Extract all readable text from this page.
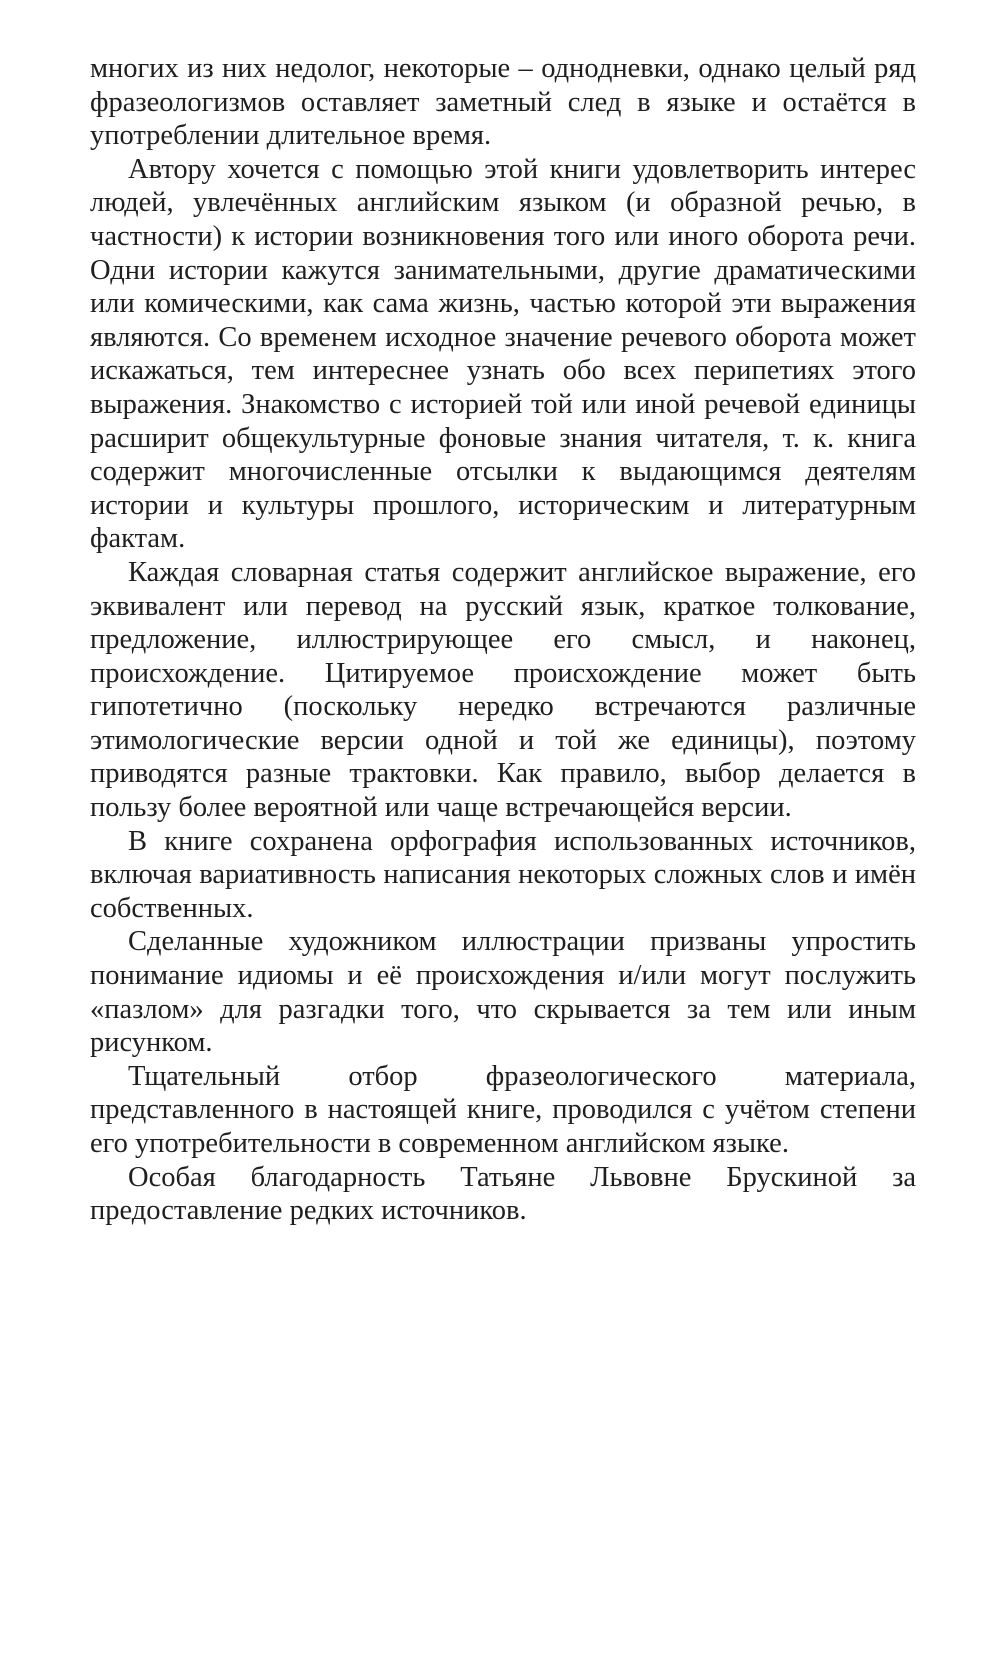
многих из них недолог, некоторые – однодневки, однако целый ряд фразеологизмов оставляет заметный след в языке и остаётся в употреблении длительное время.

Автору хочется с помощью этой книги удовлетворить интерес людей, увлечённых английским языком (и образной речью, в частности) к истории возникновения того или иного оборота речи. Одни истории кажутся занимательными, другие драматическими или комическими, как сама жизнь, частью которой эти выражения являются. Со временем исходное значение речевого оборота может искажаться, тем интереснее узнать обо всех перипетиях этого выражения. Знакомство с историей той или иной речевой единицы расширит общекультурные фоновые знания читателя, т. к. книга содержит многочисленные отсылки к выдающимся деятелям истории и культуры прошлого, историческим и литературным фактам.

Каждая словарная статья содержит английское выражение, его эквивалент или перевод на русский язык, краткое толкование, предложение, иллюстрирующее его смысл, и наконец, происхождение. Цитируемое происхождение может быть гипотетично (поскольку нередко встречаются различные этимологические версии одной и той же единицы), поэтому приводятся разные трактовки. Как правило, выбор делается в пользу более вероятной или чаще встречающейся версии.

В книге сохранена орфография использованных источников, включая вариативность написания некоторых сложных слов и имён собственных.

Сделанные художником иллюстрации призваны упростить понимание идиомы и её происхождения и/или могут послужить «пазлом» для разгадки того, что скрывается за тем или иным рисунком.

Тщательный отбор фразеологического материала, представленного в настоящей книге, проводился с учётом степени его употребительности в современном английском языке.

Особая благодарность Татьяне Львовне Брускиной за предоставление редких источников.
